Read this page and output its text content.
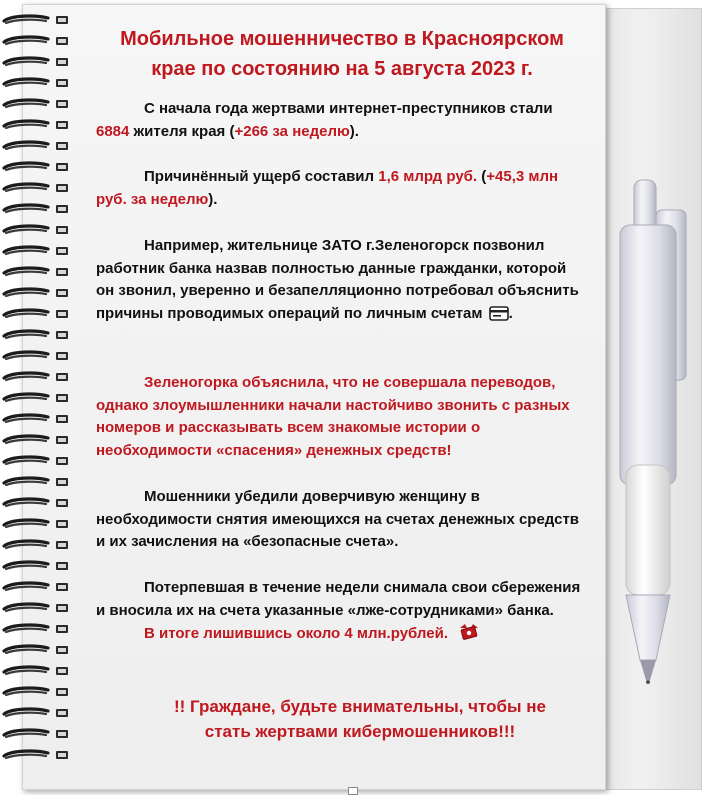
Мобильное мошенничество в Красноярском
крае по состоянию на 5 августа 2023 г.
С начала года жертвами интернет-преступников стали 6884 жителя края (+266 за неделю).
Причинённый ущерб составил 1,6 млрд руб. (+45,3 млн руб. за неделю).
Например, жительнице ЗАТО г.Зеленогорск позвонил работник банка назвав полностью данные гражданки, которой он звонил, уверенно и безапелляционно потребовал объяснить причины проводимых операций по личным счетам .
Зеленогорка объяснила, что не совершала переводов, однако злоумышленники начали настойчиво звонить с разных номеров и рассказывать всем знакомые истории о необходимости «спасения» денежных средств!
Мошенники убедили доверчивую женщину в необходимости снятия имеющихся на счетах денежных средств и их зачисления на «безопасные счета».
Потерпевшая в течение недели снимала свои сбережения и вносила их на счета указанные «лже-сотрудниками» банка.
В итоге лишившись около 4 млн.рублей.
!! Граждане, будьте внимательны, чтобы не
стать жертвами кибермошенников!!!
